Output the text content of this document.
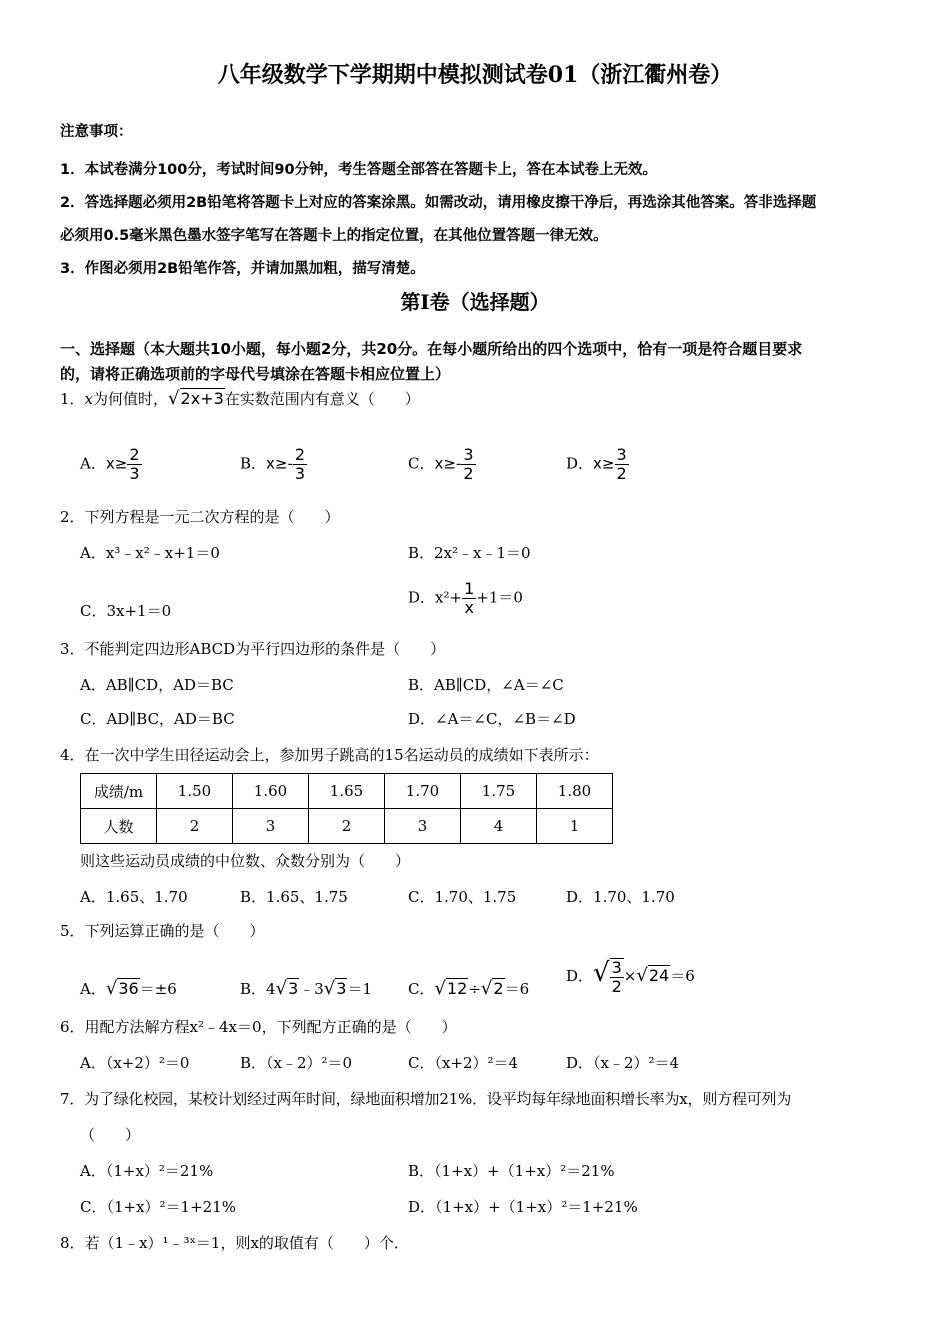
八年级数学下学期期中模拟测试卷01（浙江衢州卷）
注意事项：
1．本试卷满分100分，考试时间90分钟，考生答题全部答在答题卡上，答在本试卷上无效。
2．答选择题必须用2B铅笔将答题卡上对应的答案涂黑。如需改动，请用橡皮擦干净后，再选涂其他答案。答非选择题
必须用0.5毫米黑色墨水签字笔写在答题卡上的指定位置，在其他位置答题一律无效。
3．作图必须用2B铅笔作答，并请加黑加粗，描写清楚。
第Ⅰ卷（选择题）
一、选择题（本大题共10小题，每小题2分，共20分。在每小题所给出的四个选项中，恰有一项是符合题目要求
的，请将正确选项前的字母代号填涂在答题卡相应位置上）
1．x为何值时，√2x+3在实数范围内有意义（　　）
A．$x\ge \frac{2}{3}$	B．$x\ge- \frac{2}{3}$	C．$x\ge- \frac{3}{2}$	D．$x\ge \frac{3}{2}$
2．下列方程是一元二次方程的是（　　）
A．x³﹣x²﹣x+1＝0	B．2x²﹣x﹣1＝0
C．3x+1＝0
D．$x^2+ \frac{1}{x} +1=0$
3．不能判定四边形ABCD为平行四边形的条件是（　　）
A．AB∥CD，AD＝BC	B．AB∥CD，∠A＝∠C
C．AD∥BC，AD＝BC	D．∠A＝∠C，∠B＝∠D
4．在一次中学生田径运动会上，参加男子跳高的15名运动员的成绩如下表所示：
成绩/m	1.50	1.60	1.65	1.70	1.75	1.80
人数	2	3	2	3	4	1
则这些运动员成绩的中位数、众数分别为（　　）
A．1.65、1.70	B．1.65、1.75	C．1.70、1.75	D．1.70、1.70
5．下列运算正确的是（　　）
A．√36＝±6	B．4√3﹣3√3＝1 C．√12÷√2＝6
D．√ $\frac{3}{2} \times√24=6$
6．用配方法解方程x²﹣4x＝0，下列配方正确的是（　　）
A．（x+2）²＝0	B．（x﹣2）²＝0	C．（x+2）²＝4	D．（x﹣2）²＝4
7．为了绿化校园，某校计划经过两年时间，绿地面积增加21%．设平均每年绿地面积增长率为x，则方程可列为
（　　）
A．（1+x）²＝21%	B．（1+x）+（1+x）²＝21%
C．（1+x）²＝1+21%	D．（1+x）+（1+x）²＝1+21%
8．若（1﹣x）¹﹣³ˣ＝1，则x的取值有（　　）个．
